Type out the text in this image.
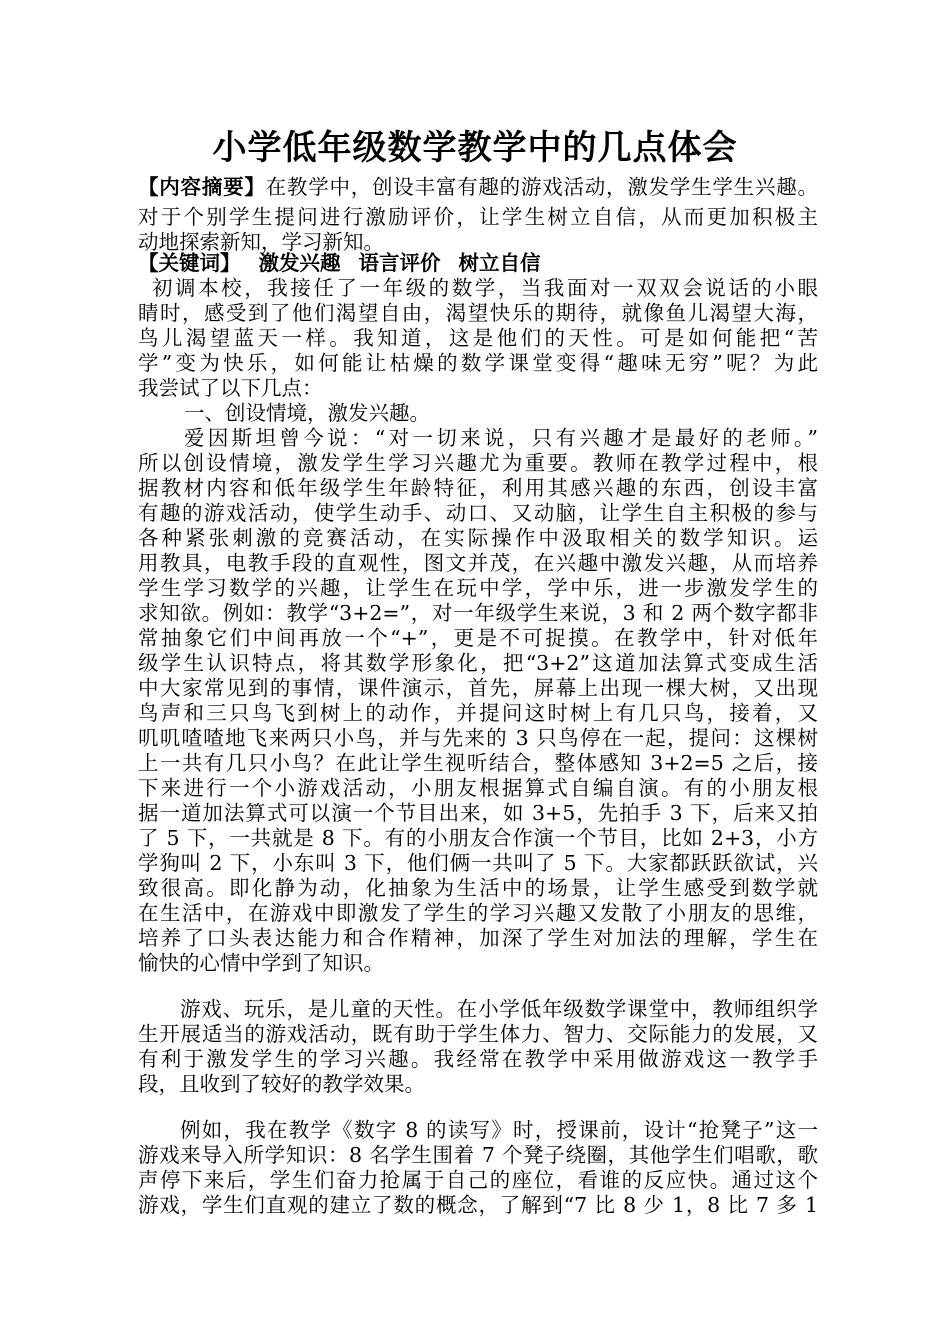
小学低年级数学教学中的几点体会
【内容摘要】在教学中，创设丰富有趣的游戏活动，激发学生学生兴趣。
对于个别学生提问进行激励评价，让学生树立自信，从而更加积极主
动地探索新知，学习新知。
【关键词】 激发兴趣 语言评价 树立自信
初调本校，我接任了一年级的数学，当我面对一双双会说话的小眼
睛时，感受到了他们渴望自由，渴望快乐的期待，就像鱼儿渴望大海，
鸟儿渴望蓝天一样。我知道，这是他们的天性。可是如何能把“苦
学”变为快乐，如何能让枯燥的数学课堂变得“趣味无穷”呢？为此
我尝试了以下几点：
一、创设情境，激发兴趣。
爱因斯坦曾今说：“对一切来说，只有兴趣才是最好的老师。”
所以创设情境，激发学生学习兴趣尤为重要。教师在教学过程中，根
据教材内容和低年级学生年龄特征，利用其感兴趣的东西，创设丰富
有趣的游戏活动，使学生动手、动口、又动脑，让学生自主积极的参与
各种紧张刺激的竞赛活动，在实际操作中汲取相关的数学知识。运
用教具，电教手段的直观性，图文并茂，在兴趣中激发兴趣，从而培养
学生学习数学的兴趣，让学生在玩中学，学中乐，进一步激发学生的
求知欲。例如：教学“3+2=”，对一年级学生来说，3 和 2 两个数字都非
常抽象它们中间再放一个“+”，更是不可捉摸。在教学中，针对低年
级学生认识特点，将其数学形象化，把“3+2”这道加法算式变成生活
中大家常见到的事情，课件演示，首先，屏幕上出现一棵大树，又出现
鸟声和三只鸟飞到树上的动作，并提问这时树上有几只鸟，接着，又
叽叽喳喳地飞来两只小鸟，并与先来的 3 只鸟停在一起，提问：这棵树
上一共有几只小鸟？在此让学生视听结合，整体感知 3+2=5 之后，接
下来进行一个小游戏活动，小朋友根据算式自编自演。有的小朋友根
据一道加法算式可以演一个节目出来，如 3+5，先拍手 3 下，后来又拍
了 5 下，一共就是 8 下。有的小朋友合作演一个节目，比如 2+3，小方
学狗叫 2 下，小东叫 3 下，他们俩一共叫了 5 下。大家都跃跃欲试，兴
致很高。即化静为动，化抽象为生活中的场景，让学生感受到数学就
在生活中，在游戏中即激发了学生的学习兴趣又发散了小朋友的思维，
培养了口头表达能力和合作精神，加深了学生对加法的理解，学生在
愉快的心情中学到了知识。
游戏、玩乐，是儿童的天性。在小学低年级数学课堂中，教师组织学
生开展适当的游戏活动，既有助于学生体力、智力、交际能力的发展，又
有利于激发学生的学习兴趣。我经常在教学中采用做游戏这一教学手
段，且收到了较好的教学效果。
例如，我在教学《数字 8 的读写》时，授课前，设计“抢凳子”这一
游戏来导入所学知识：8 名学生围着 7 个凳子绕圈，其他学生们唱歌，歌
声停下来后，学生们奋力抢属于自己的座位，看谁的反应快。通过这个
游戏，学生们直观的建立了数的概念，了解到“7 比 8 少 1，8 比 7 多 1
